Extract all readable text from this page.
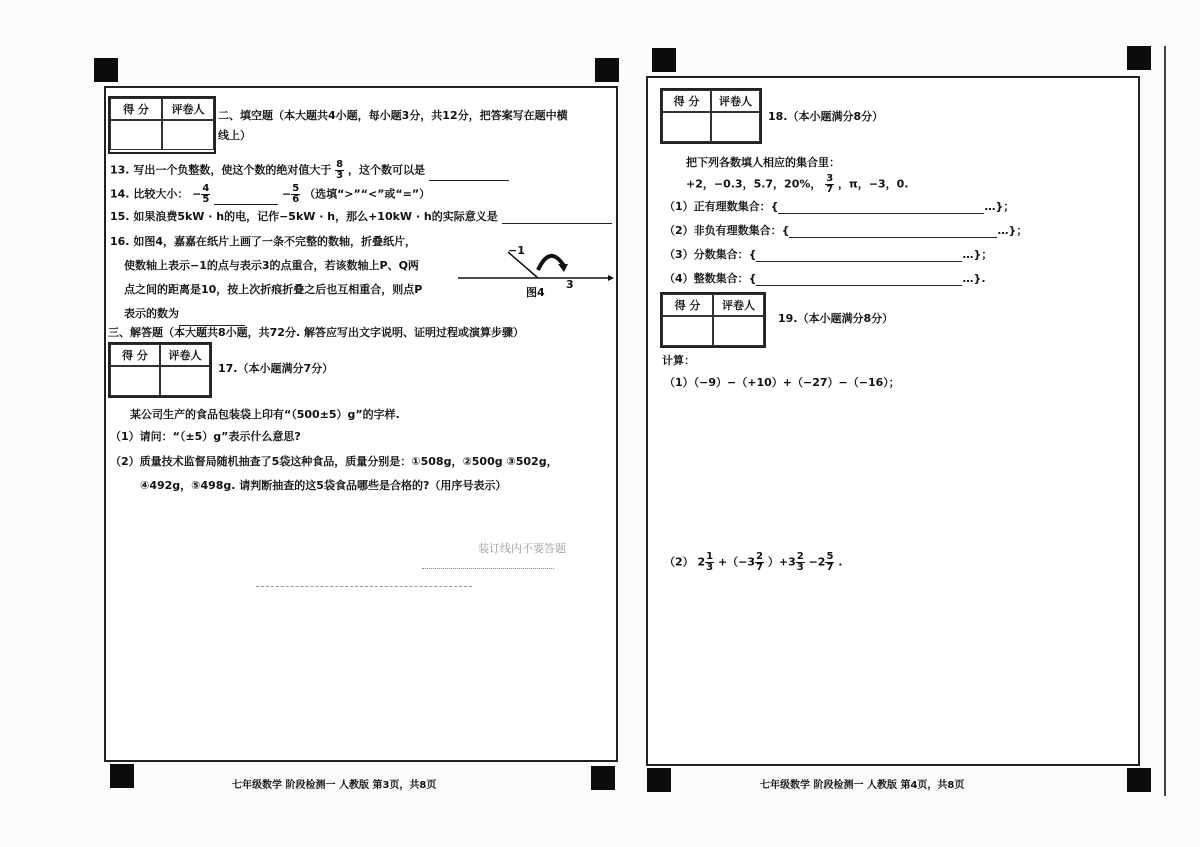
得 分	评卷人	二、填空题（本大题共4小题，每小题3分，共12分，把答案写在题中横
线上）
13. 写出一个负整数，使这个数的绝对值大于 $\frac{8}{3}$ ，这个数可以是
14. 比较大小： − $\frac{4}{5}$	− $\frac{5}{6}$ （选填“>”“<”或“=”）
15. 如果浪费5kW · h的电，记作−5kW · h，那么+10kW · h的实际意义是
16. 如图4，嘉嘉在纸片上画了一条不完整的数轴，折叠纸片，
使数轴上表示−1的点与表示3的点重合，若该数轴上P、Q两
点之间的距离是10，按上次折痕折叠之后也互相重合，则点P
表示的数为
−1
3
图4
三、解答题（本大题共8小题，共72分. 解答应写出文字说明、证明过程或演算步骤）
得 分	评卷人
17.（本小题满分7分）
某公司生产的食品包装袋上印有“（500±5）g”的字样.
（1）请问：“（±5）g”表示什么意思?
（2）质量技术监督局随机抽查了5袋这种食品，质量分别是：①508g，②500g ③502g，
④492g，⑤498g. 请判断抽查的这5袋食品哪些是合格的?（用序号表示）
装订线内不要答题
七年级数学 阶段检测一 人教版 第3页，共8页
得 分	评卷人
18.（本小题满分8分）
把下列各数填人相应的集合里：
+2，−0.3，5.7，20%， $\frac{3}{7}$ ，π，−3，0.
（1）正有理数集合：{	…}；
（2）非负有理数集合：{	…}；
（3）分数集合：{	…}；
（4）整数集合：{	…}.
得 分	评卷人
19.（本小题满分8分）
计算：
（1）（−9）−（+10）+（−27）−（−16）；
（2） $2 \frac{1}{3} +(-3 \frac{2}{7} )+3 \frac{2}{3} -2 \frac{5}{7}$ .
七年级数学 阶段检测一 人教版 第4页，共8页
